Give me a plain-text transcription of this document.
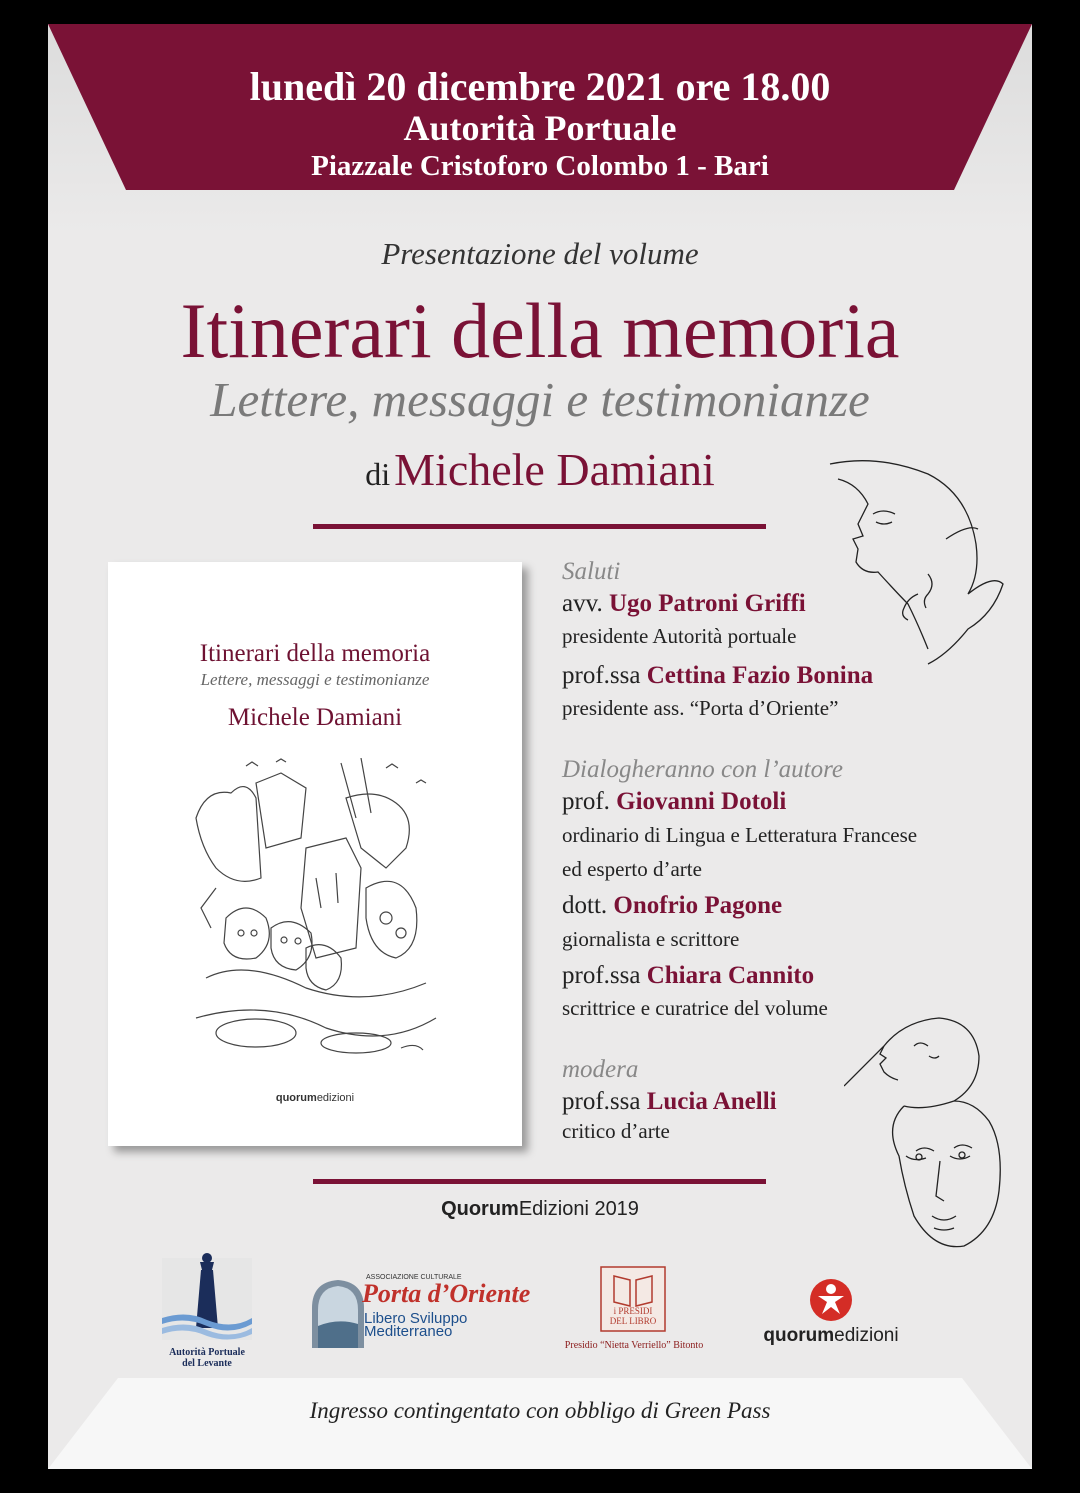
lunedì 20 dicembre 2021 ore 18.00
Autorità Portuale
Piazzale Cristoforo Colombo 1 - Bari
Presentazione del volume
Itinerari della memoria
Lettere, messaggi e testimonianze
di Michele Damiani
Itinerari della memoria
Lettere, messaggi e testimonianze
Michele Damiani
quorumedizioni
Saluti
avv. Ugo Patroni Griffi
presidente Autorità portuale
prof.ssa Cettina Fazio Bonina
presidente ass. “Porta d’Oriente”
Dialogheranno con l’autore
prof. Giovanni Dotoli
ordinario di Lingua e Letteratura Francese
ed esperto d’arte
dott. Onofrio Pagone
giornalista e scrittore
prof.ssa Chiara Cannito
scrittrice e curatrice del volume
modera
prof.ssa Lucia Anelli
critico d’arte
QuorumEdizioni 2019
Autorità Portuale
del Levante
ASSOCIAZIONE CULTURALE
Porta d’Oriente
Libero Sviluppo
Mediterraneo
i PRESIDI
DEL LIBRO
Presidio “Nietta Verriello” Bitonto	quorumedizioni
Ingresso contingentato con obbligo di Green Pass
